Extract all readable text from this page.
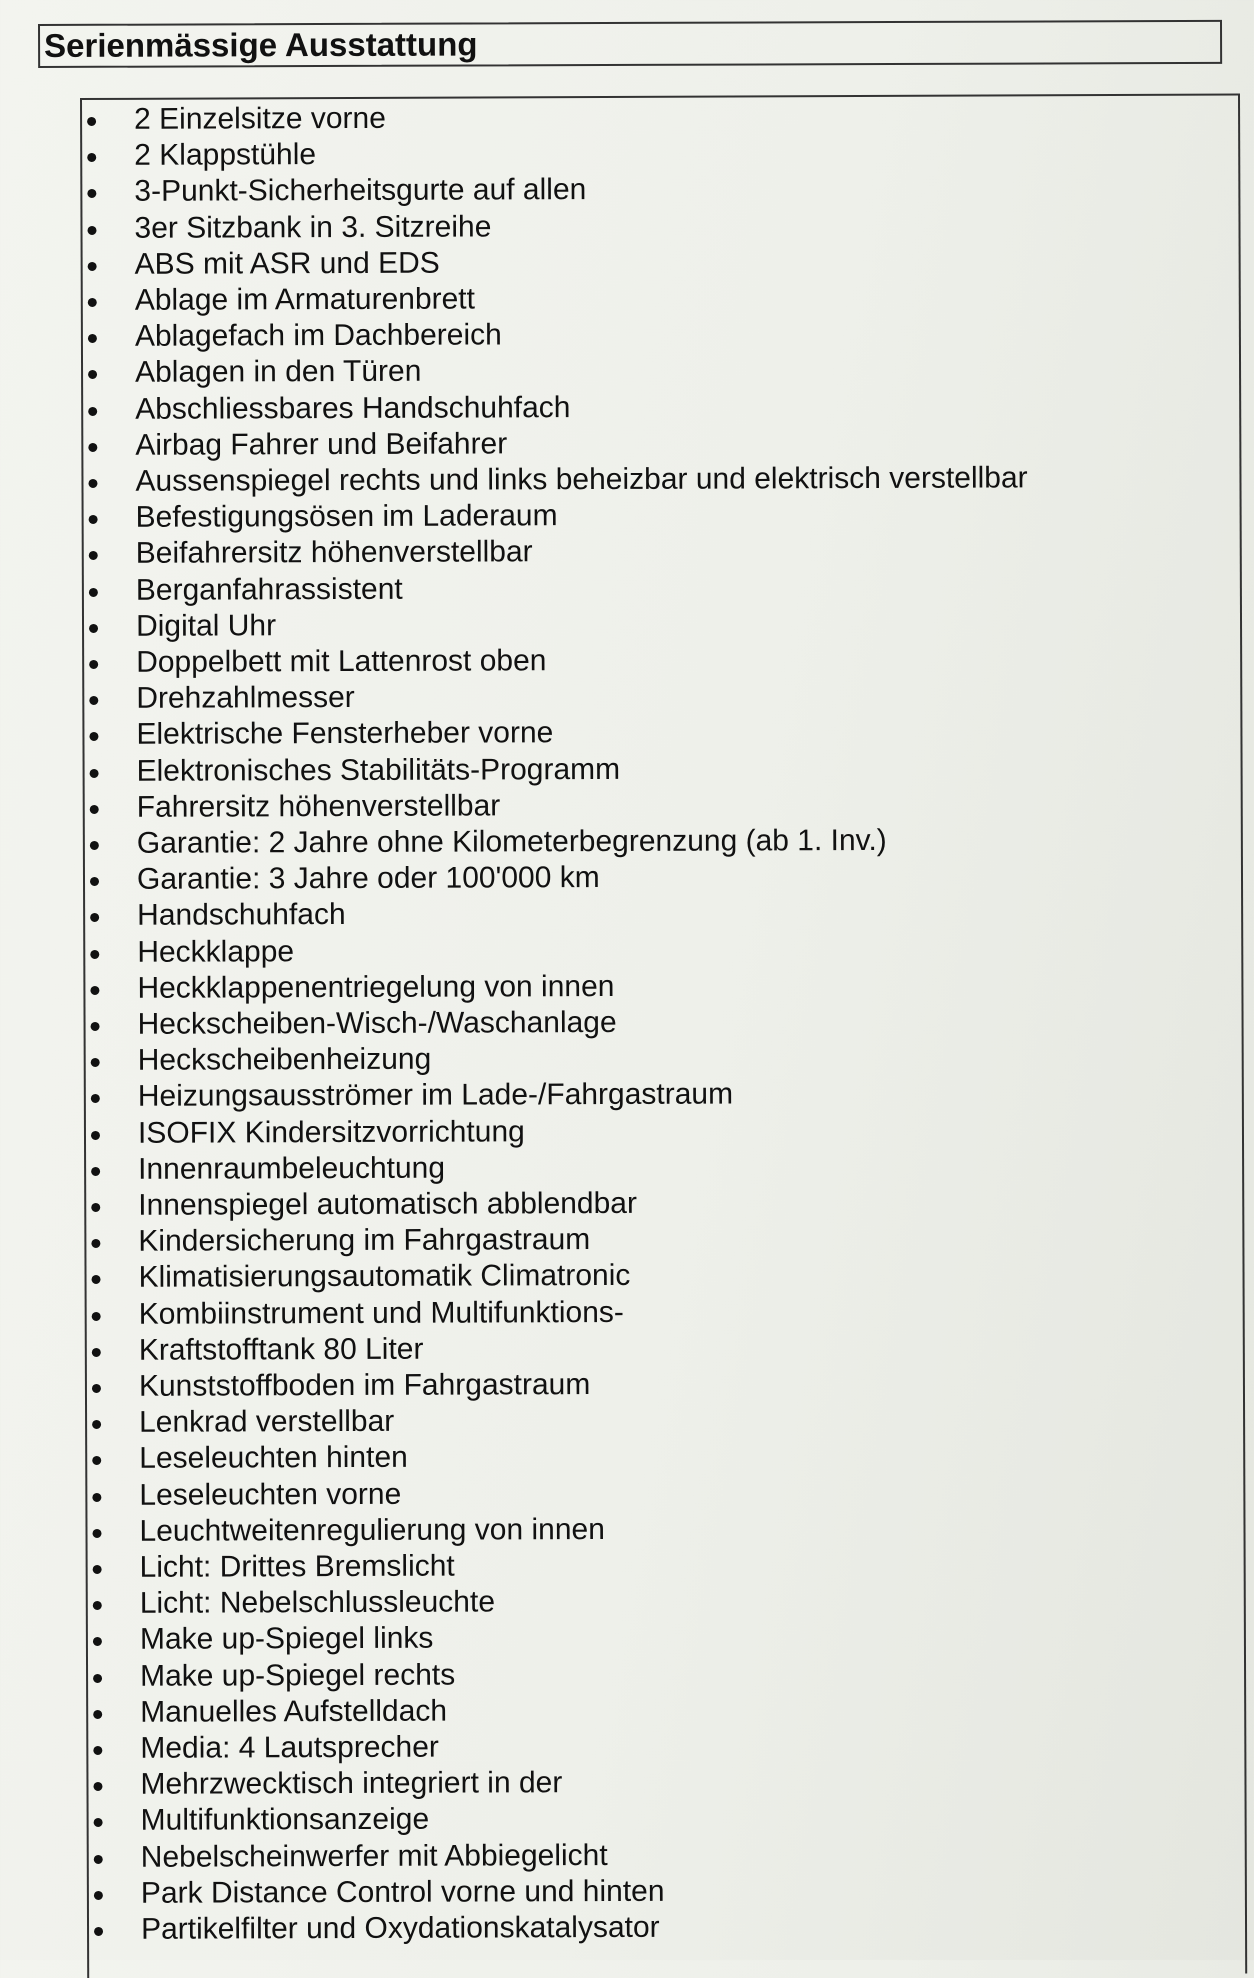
Serienmässige Ausstattung
2 Einzelsitze vorne
2 Klappstühle
3-Punkt-Sicherheitsgurte auf allen
3er Sitzbank in 3. Sitzreihe
ABS mit ASR und EDS
Ablage im Armaturenbrett
Ablagefach im Dachbereich
Ablagen in den Türen
Abschliessbares Handschuhfach
Airbag Fahrer und Beifahrer
Aussenspiegel rechts und links beheizbar und elektrisch verstellbar
Befestigungsösen im Laderaum
Beifahrersitz höhenverstellbar
Berganfahrassistent
Digital Uhr
Doppelbett mit Lattenrost oben
Drehzahlmesser
Elektrische Fensterheber vorne
Elektronisches Stabilitäts-Programm
Fahrersitz höhenverstellbar
Garantie: 2 Jahre ohne Kilometerbegrenzung (ab 1. Inv.)
Garantie: 3 Jahre oder 100'000 km
Handschuhfach
Heckklappe
Heckklappenentriegelung von innen
Heckscheiben-Wisch-/Waschanlage
Heckscheibenheizung
Heizungsausströmer im Lade-/Fahrgastraum
ISOFIX Kindersitzvorrichtung
Innenraumbeleuchtung
Innenspiegel automatisch abblendbar
Kindersicherung im Fahrgastraum
Klimatisierungsautomatik Climatronic
Kombiinstrument und Multifunktions-
Kraftstofftank 80 Liter
Kunststoffboden im Fahrgastraum
Lenkrad verstellbar
Leseleuchten hinten
Leseleuchten vorne
Leuchtweitenregulierung von innen
Licht: Drittes Bremslicht
Licht: Nebelschlussleuchte
Make up-Spiegel links
Make up-Spiegel rechts
Manuelles Aufstelldach
Media: 4 Lautsprecher
Mehrzwecktisch integriert in der
Multifunktionsanzeige
Nebelscheinwerfer mit Abbiegelicht
Park Distance Control vorne und hinten
Partikelfilter und Oxydationskatalysator
